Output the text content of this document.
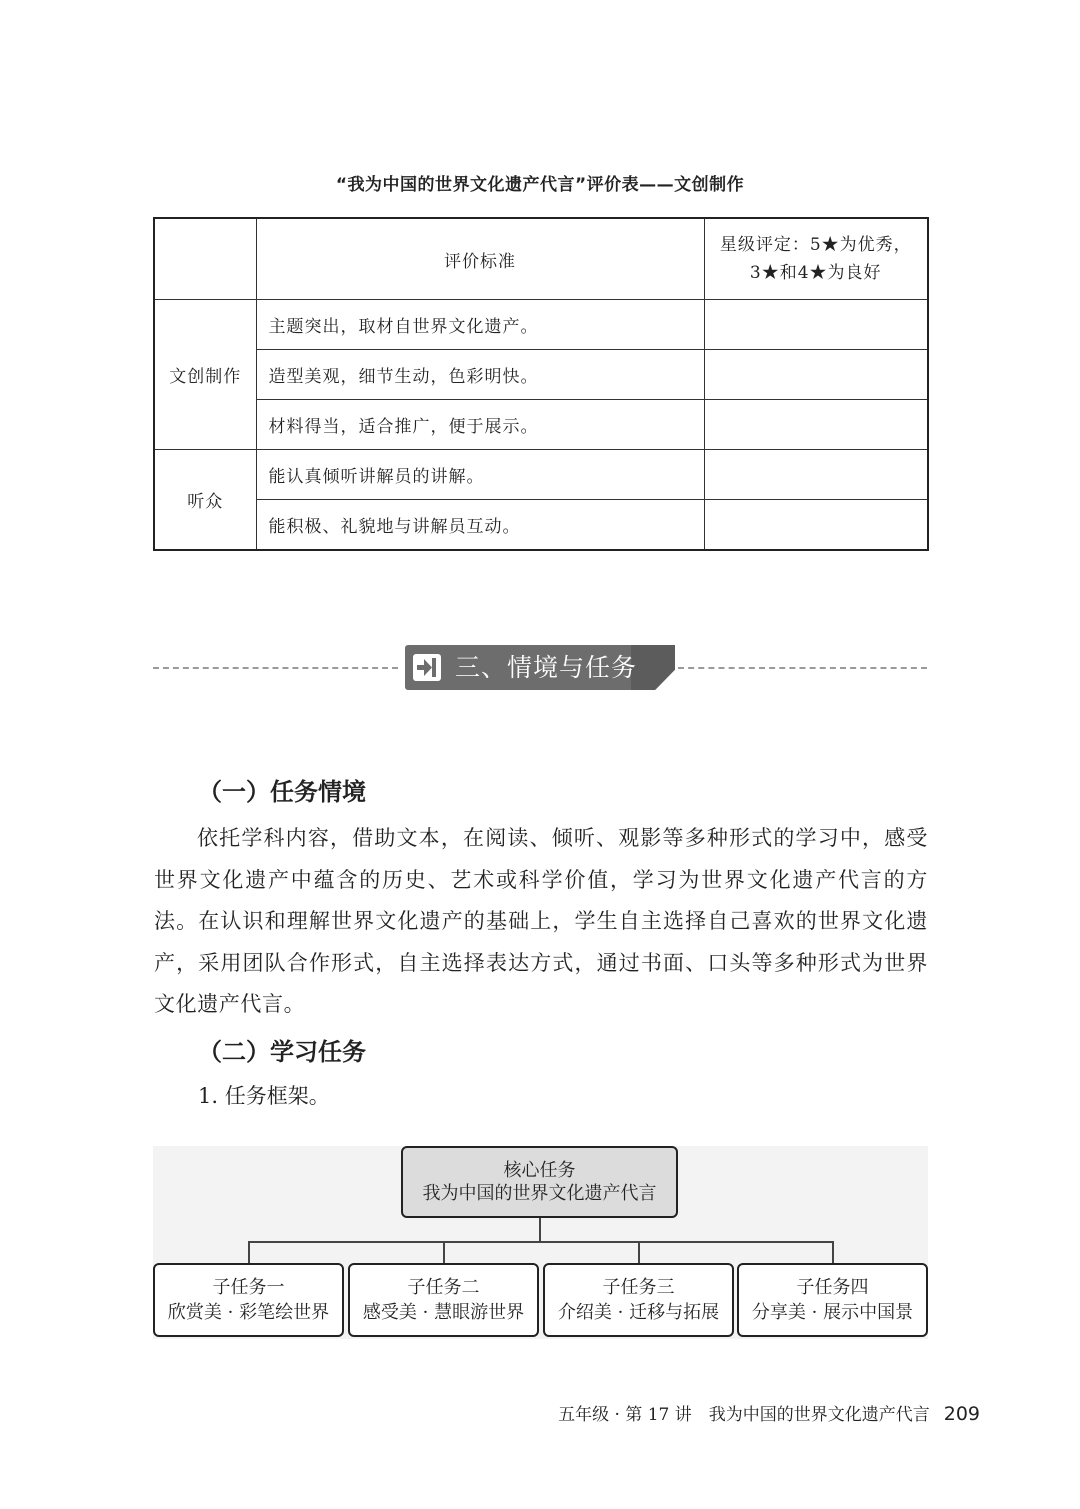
“我为中国的世界文化遗产代言”评价表——文创制作
	评价标准	星级评定：5★为优秀，
3★和4★为良好

文创制作	主题突出，取材自世界文化遗产。	
	造型美观，细节生动，色彩明快。	
	材料得当，适合推广，便于展示。	
听众	能认真倾听讲解员的讲解。	
	能积极、礼貌地与讲解员互动。	
三、情境与任务
（一）任务情境
依托学科内容，借助文本，在阅读、倾听、观影等多种形式的学习中，感受世界文化遗产中蕴含的历史、艺术或科学价值，学习为世界文化遗产代言的方法。在认识和理解世界文化遗产的基础上，学生自主选择自己喜欢的世界文化遗产，采用团队合作形式，自主选择表达方式，通过书面、口头等多种形式为世界文化遗产代言。
（二）学习任务
1. 任务框架。
核心任务
我为中国的世界文化遗产代言
子任务一
欣赏美 · 彩笔绘世界
子任务二
感受美 · 慧眼游世界
子任务三
介绍美 · 迁移与拓展
子任务四
分享美 · 展示中国景
五年级 · 第 17 讲　我为中国的世界文化遗产代言 209
